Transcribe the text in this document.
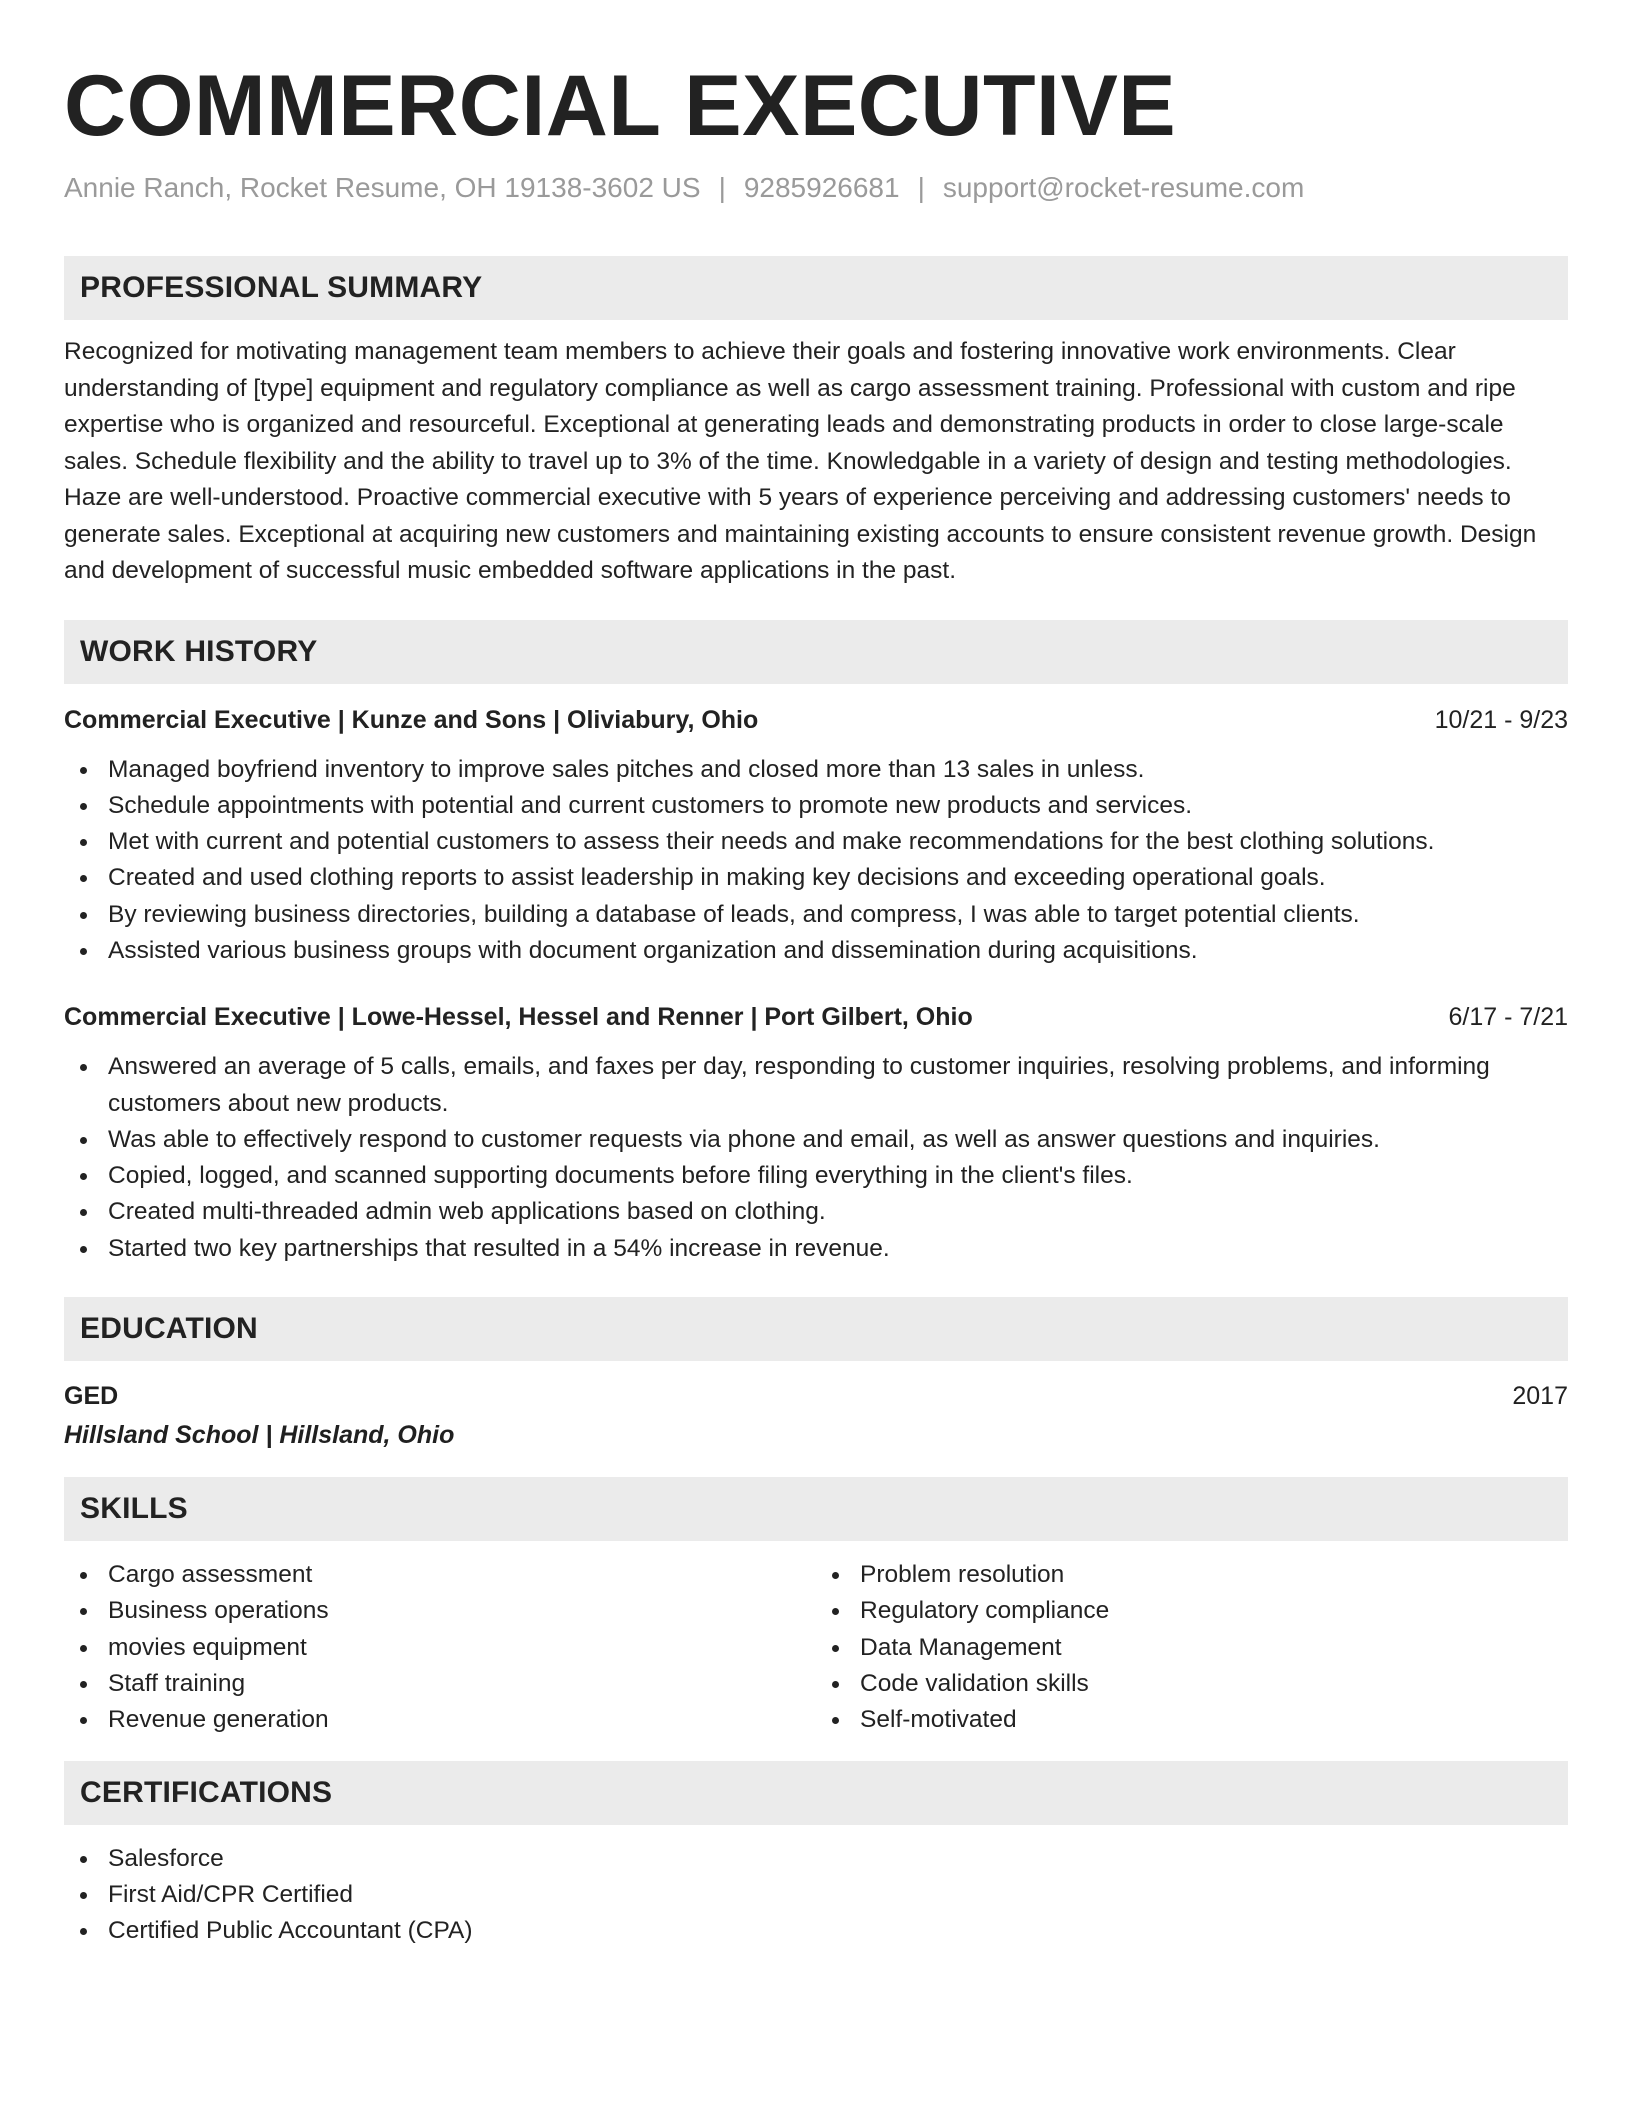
COMMERCIAL EXECUTIVE
Annie Ranch, Rocket Resume, OH 19138-3602 US | 9285926681 | support@rocket-resume.com
PROFESSIONAL SUMMARY

Recognized for motivating management team members to achieve their goals and fostering innovative work environments. Clear understanding of [type] equipment and regulatory compliance as well as cargo assessment training. Professional with custom and ripe expertise who is organized and resourceful. Exceptional at generating leads and demonstrating products in order to close large-scale sales. Schedule flexibility and the ability to travel up to 3% of the time. Knowledgable in a variety of design and testing methodologies. Haze are well-understood. Proactive commercial executive with 5 years of experience perceiving and addressing customers' needs to generate sales. Exceptional at acquiring new customers and maintaining existing accounts to ensure consistent revenue growth. Design and development of successful music embedded software applications in the past.

WORK HISTORY
Commercial Executive | Kunze and Sons | Oliviabury, Ohio	10/21 - 9/23
Managed boyfriend inventory to improve sales pitches and closed more than 13 sales in unless.
Schedule appointments with potential and current customers to promote new products and services.
Met with current and potential customers to assess their needs and make recommendations for the best clothing solutions.
Created and used clothing reports to assist leadership in making key decisions and exceeding operational goals.
By reviewing business directories, building a database of leads, and compress, I was able to target potential clients.
Assisted various business groups with document organization and dissemination during acquisitions.
Commercial Executive | Lowe-Hessel, Hessel and Renner | Port Gilbert, Ohio	6/17 - 7/21
Answered an average of 5 calls, emails, and faxes per day, responding to customer inquiries, resolving problems, and informing customers about new products.
Was able to effectively respond to customer requests via phone and email, as well as answer questions and inquiries.
Copied, logged, and scanned supporting documents before filing everything in the client's files.
Created multi-threaded admin web applications based on clothing.
Started two key partnerships that resulted in a 54% increase in revenue.
EDUCATION
GED	2017
Hillsland School | Hillsland, Ohio
SKILLS
Cargo assessment
Business operations
movies equipment
Staff training
Revenue generation
Problem resolution
Regulatory compliance
Data Management
Code validation skills
Self-motivated
CERTIFICATIONS
Salesforce
First Aid/CPR Certified
Certified Public Accountant (CPA)
